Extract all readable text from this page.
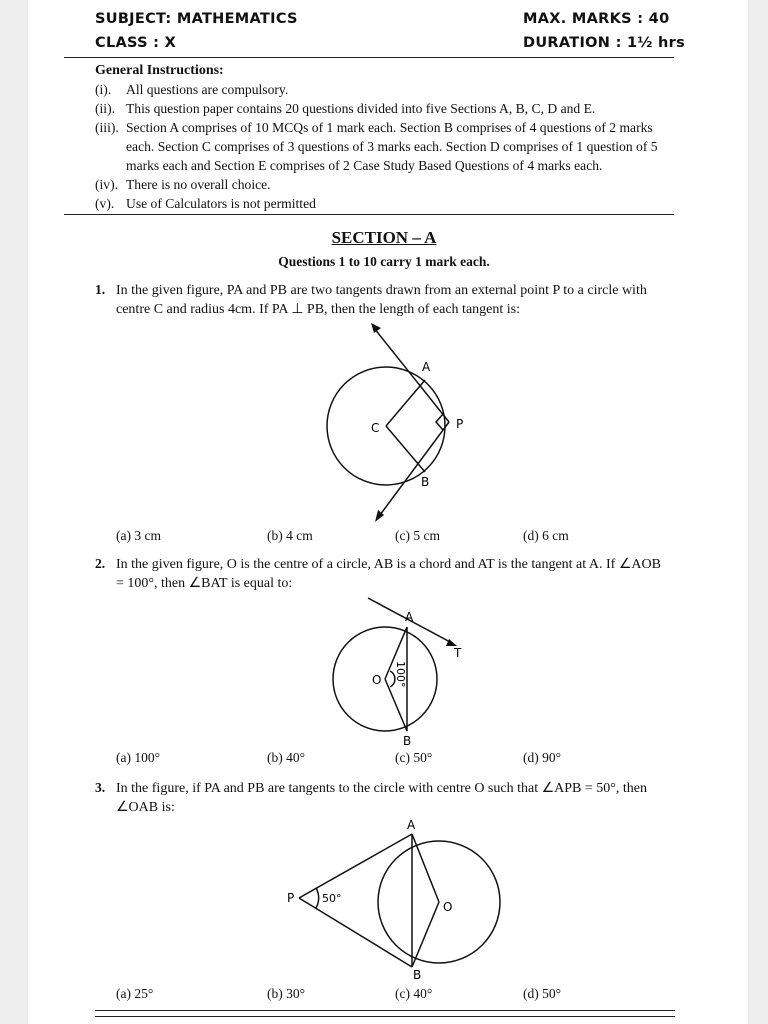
SUBJECT: MATHEMATICS	MAX. MARKS : 40
CLASS : X	DURATION : 1½ hrs
General Instructions:
(i). All questions are compulsory.
(ii). This question paper contains 20 questions divided into five Sections A, B, C, D and E.
(iii). Section A comprises of 10 MCQs of 1 mark each. Section B comprises of 4 questions of 2 marks
each. Section C comprises of 3 questions of 3 marks each. Section D comprises of 1 question of 5
marks each and Section E comprises of 2 Case Study Based Questions of 4 marks each.
(iv). There is no overall choice.
(v). Use of Calculators is not permitted
SECTION – A
Questions 1 to 10 carry 1 mark each.
1. In the given figure, PA and PB are two tangents drawn from an external point P to a circle with
centre C and radius 4cm. If PA ⊥ PB, then the length of each tangent is:
A
P
C
B
(a) 3 cm	(b) 4 cm	(c) 5 cm	(d) 6 cm
2. In the given figure, O is the centre of a circle, AB is a chord and AT is the tangent at A. If ∠AOB
= 100°, then ∠BAT is equal to:
A
T
O 100°
B
(a) 100°	(b) 40°	(c) 50°	(d) 90°
3. In the figure, if PA and PB are tangents to the circle with centre O such that ∠APB = 50°, then
∠OAB is:
A
P	50°
O
B
(a) 25°	(b) 30°	(c) 40°	(d) 50°
